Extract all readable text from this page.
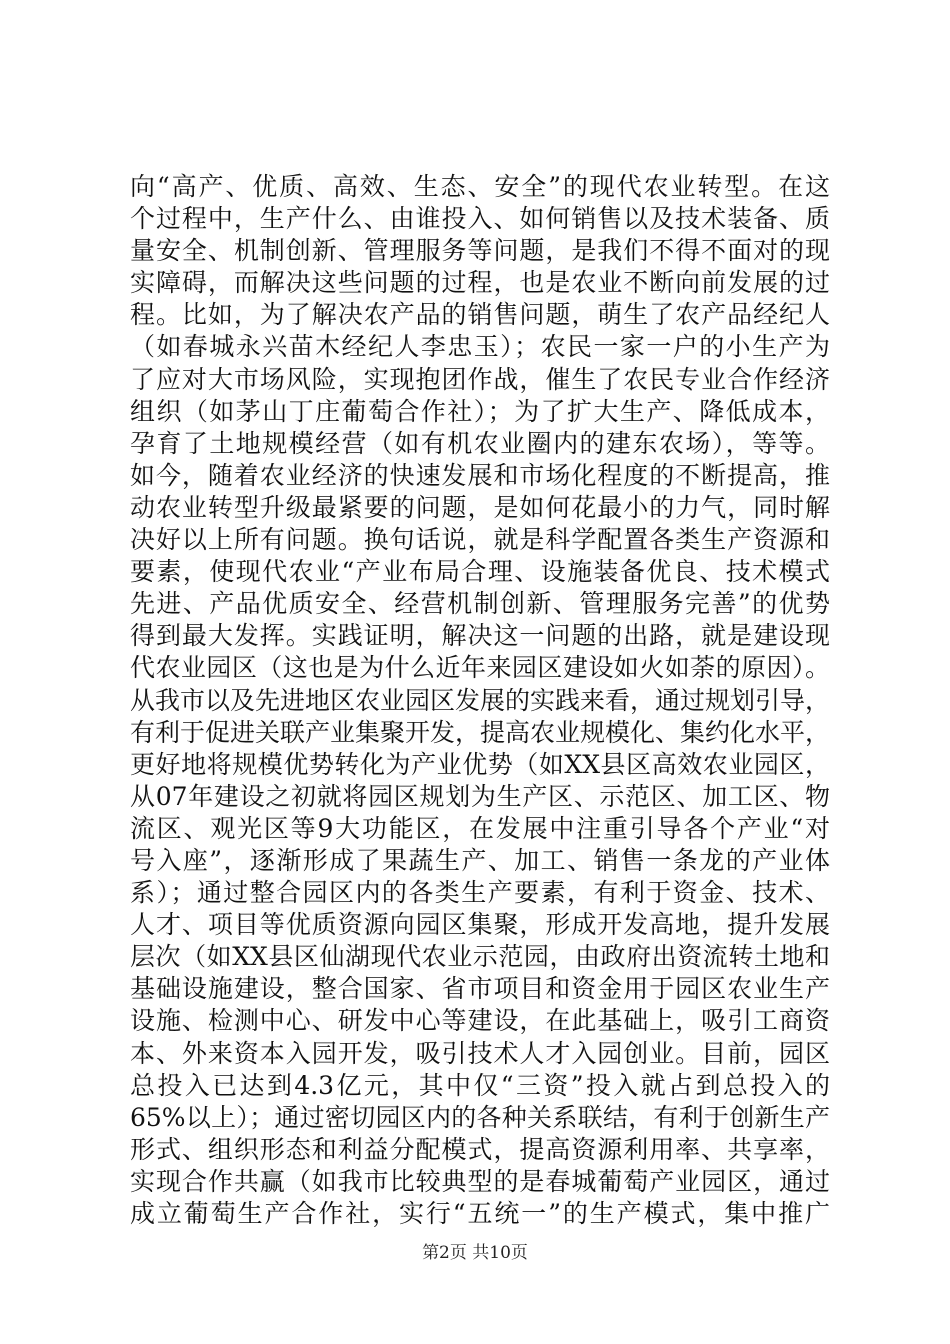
向“高产、优质、高效、生态、安全”的现代农业转型。在这
个过程中，生产什么、由谁投入、如何销售以及技术装备、质
量安全、机制创新、管理服务等问题，是我们不得不面对的现
实障碍，而解决这些问题的过程，也是农业不断向前发展的过
程。比如，为了解决农产品的销售问题，萌生了农产品经纪人
（如春城永兴苗木经纪人李忠玉）；农民一家一户的小生产为
了应对大市场风险，实现抱团作战，催生了农民专业合作经济
组织（如茅山丁庄葡萄合作社）；为了扩大生产、降低成本，
孕育了土地规模经营（如有机农业圈内的建东农场），等等。
如今，随着农业经济的快速发展和市场化程度的不断提高，推
动农业转型升级最紧要的问题，是如何花最小的力气，同时解
决好以上所有问题。换句话说，就是科学配置各类生产资源和
要素，使现代农业“产业布局合理、设施装备优良、技术模式
先进、产品优质安全、经营机制创新、管理服务完善”的优势
得到最大发挥。实践证明，解决这一问题的出路，就是建设现
代农业园区（这也是为什么近年来园区建设如火如荼的原因）。
从我市以及先进地区农业园区发展的实践来看，通过规划引导，
有利于促进关联产业集聚开发，提高农业规模化、集约化水平，
更好地将规模优势转化为产业优势（如XX县区高效农业园区，
从07年建设之初就将园区规划为生产区、示范区、加工区、物
流区、观光区等9大功能区，在发展中注重引导各个产业“对
号入座”，逐渐形成了果蔬生产、加工、销售一条龙的产业体
系）；通过整合园区内的各类生产要素，有利于资金、技术、
人才、项目等优质资源向园区集聚，形成开发高地，提升发展
层次（如XX县区仙湖现代农业示范园，由政府出资流转土地和
基础设施建设，整合国家、省市项目和资金用于园区农业生产
设施、检测中心、研发中心等建设，在此基础上，吸引工商资
本、外来资本入园开发，吸引技术人才入园创业。目前，园区
总投入已达到4.3亿元，其中仅“三资”投入就占到总投入的
65%以上）；通过密切园区内的各种关系联结，有利于创新生产
形式、组织形态和利益分配模式，提高资源利用率、共享率，
实现合作共赢（如我市比较典型的是春城葡萄产业园区，通过
成立葡萄生产合作社，实行“五统一”的生产模式，集中推广
第2页 共10页
